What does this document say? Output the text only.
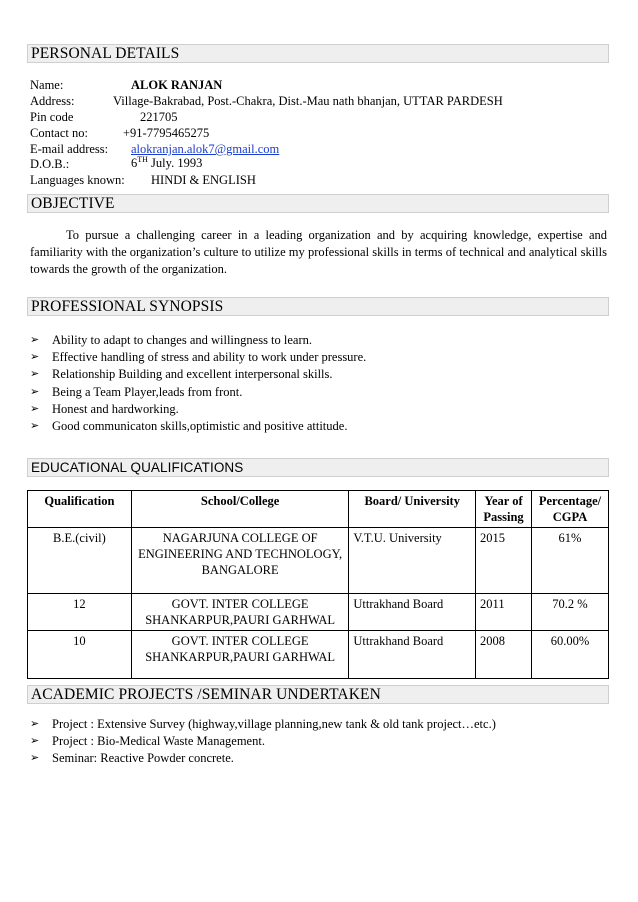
PERSONAL DETAILS
Name:	ALOK RANJAN
Address:	Village-Bakrabad, Post.-Chakra, Dist.-Mau nath bhanjan, UTTAR PARDESH
Pin code	221705
Contact no:	+91-7795465275
E-mail address: alokranjan.alok7@gmail.com
D.O.B.:	6TH July. 1993
Languages known: HINDI & ENGLISH
OBJECTIVE
To pursue a challenging career in a leading organization and by acquiring knowledge, expertise and familiarity with the organization’s culture to utilize my professional skills in terms of technical and analytical skills towards the growth of the organization.
PROFESSIONAL SYNOPSIS
➢ Ability to adapt to changes and willingness to learn.
➢ Effective handling of stress and ability to work under pressure.
➢ Relationship Building and excellent interpersonal skills.
➢ Being a Team Player,leads from front.
➢ Honest and hardworking.
➢ Good communicaton skills,optimistic and positive attitude.
EDUCATIONAL QUALIFICATIONS
Qualification	School/College	Board/ University	Year of Passing	Percentage/ CGPA
B.E.(civil)	NAGARJUNA COLLEGE OF ENGINEERING AND TECHNOLOGY, BANGALORE	V.T.U. University	2015	61%
12	GOVT. INTER COLLEGE SHANKARPUR,PAURI GARHWAL	Uttrakhand Board	2011	70.2 %
10	GOVT. INTER COLLEGE SHANKARPUR,PAURI GARHWAL	Uttrakhand Board	2008	60.00%
ACADEMIC PROJECTS /SEMINAR UNDERTAKEN
➢ Project : Extensive Survey (highway,village planning,new tank & old tank project…etc.)
➢ Project : Bio-Medical Waste Management.
➢ Seminar: Reactive Powder concrete.
